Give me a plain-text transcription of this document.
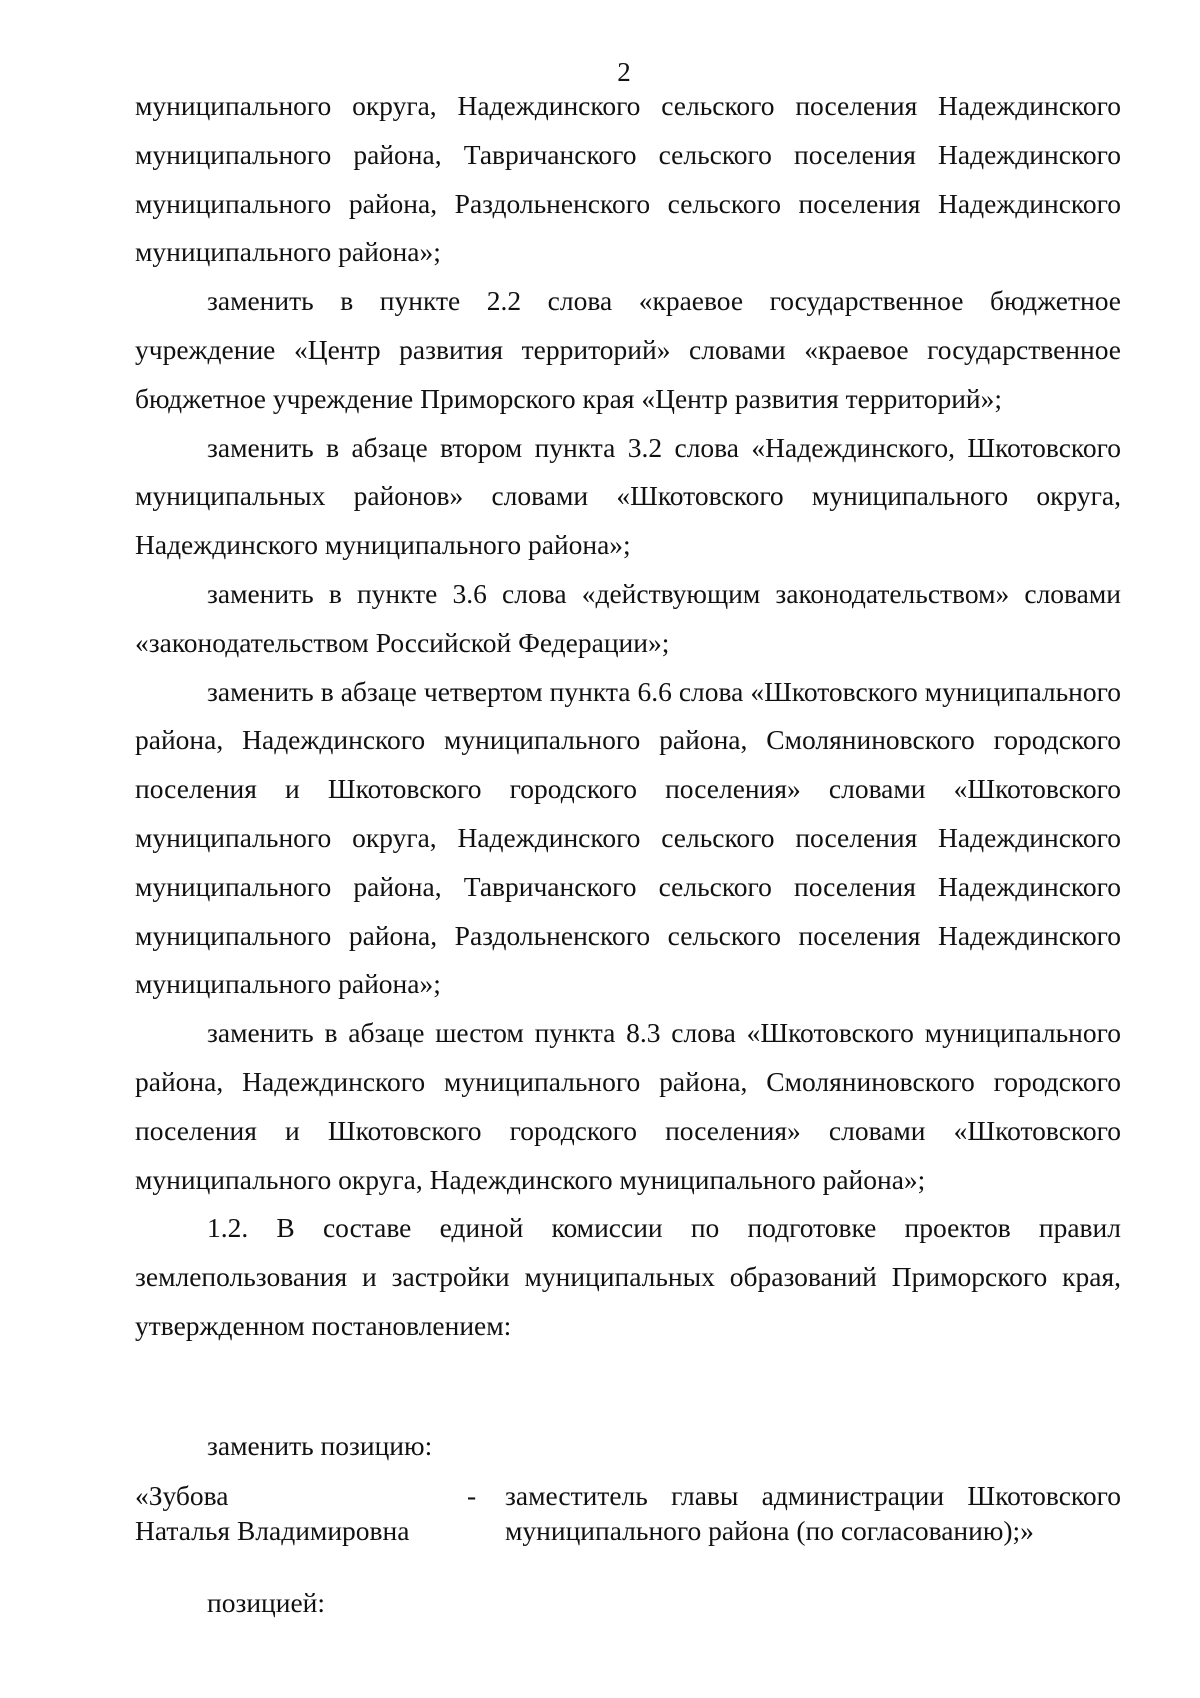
2

муниципального округа, Надеждинского сельского поселения Надеждинского муниципального района, Тавричанского сельского поселения Надеждинского муниципального района, Раздольненского сельского поселения Надеждинского муниципального района»;

заменить в пункте 2.2 слова «краевое государственное бюджетное учреждение «Центр развития территорий» словами «краевое государственное бюджетное учреждение Приморского края «Центр развития территорий»;

заменить в абзаце втором пункта 3.2 слова «Надеждинского, Шкотовского муниципальных районов» словами «Шкотовского муниципального округа, Надеждинского муниципального района»;

заменить в пункте 3.6 слова «действующим законодательством» словами «законодательством Российской Федерации»;

заменить в абзаце четвертом пункта 6.6 слова «Шкотовского муниципального района, Надеждинского муниципального района, Смоляниновского городского поселения и Шкотовского городского поселения» словами «Шкотовского муниципального округа, Надеждинского сельского поселения Надеждинского муниципального района, Тавричанского сельского поселения Надеждинского муниципального района, Раздольненского сельского поселения Надеждинского муниципального района»;

заменить в абзаце шестом пункта 8.3 слова «Шкотовского муниципального района, Надеждинского муниципального района, Смоляниновского городского поселения и Шкотовского городского поселения» словами «Шкотовского муниципального округа, Надеждинского муниципального района»;

1.2. В составе единой комиссии по подготовке проектов правил землепользования и застройки муниципальных образований Приморского края, утвержденном постановлением:

заменить позицию:
«Зубова
Наталья Владимировна
-	заместитель главы администрации Шкотовского муниципального района (по согласованию);»
позицией:
